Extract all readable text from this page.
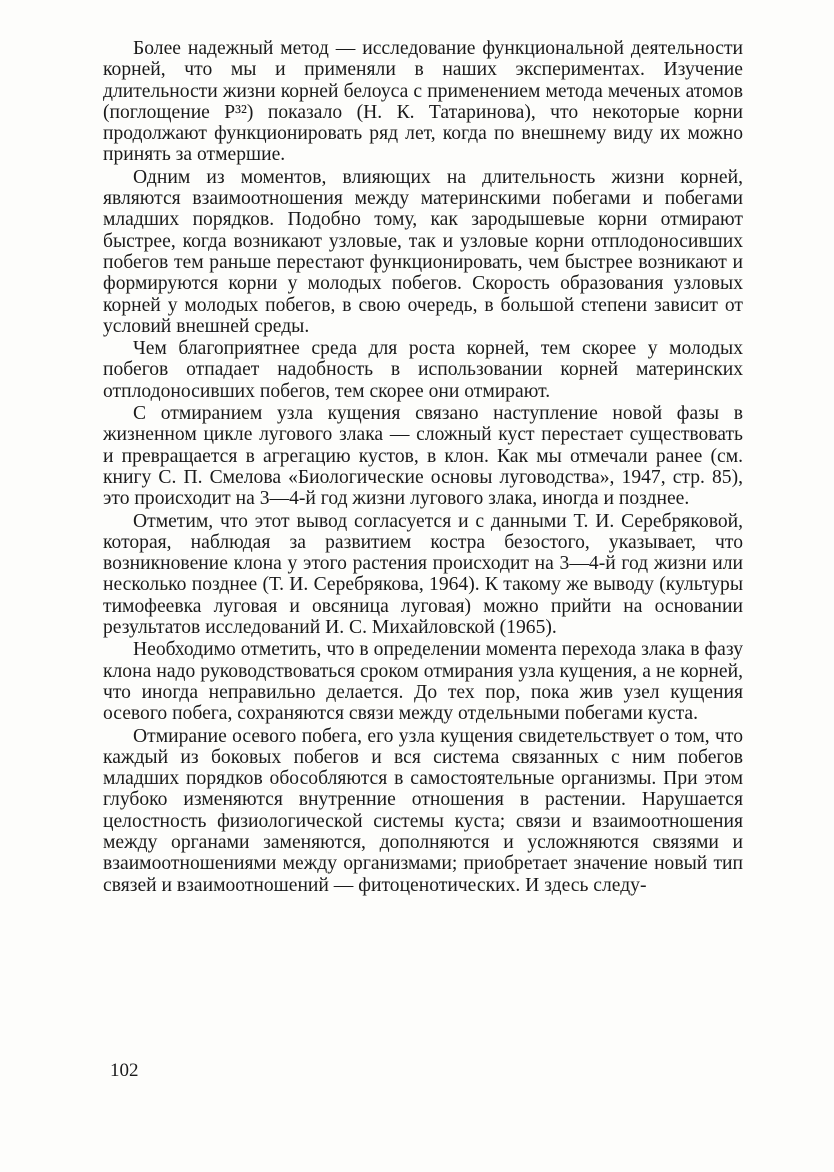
Более надежный метод — исследование функциональной деятельности корней, что мы и применяли в наших экспериментах. Изучение длительности жизни корней белоуса с применением метода меченых атомов (поглощение Р³²) показало (Н. К. Татаринова), что некоторые корни продолжают функционировать ряд лет, когда по внешнему виду их можно принять за отмершие.

Одним из моментов, влияющих на длительность жизни корней, являются взаимоотношения между материнскими побегами и побегами младших порядков. Подобно тому, как зародышевые корни отмирают быстрее, когда возникают узловые, так и узловые корни отплодоносивших побегов тем раньше перестают функционировать, чем быстрее возникают и формируются корни у молодых побегов. Скорость образования узловых корней у молодых побегов, в свою очередь, в большой степени зависит от условий внешней среды.

Чем благоприятнее среда для роста корней, тем скорее у молодых побегов отпадает надобность в использовании корней материнских отплодоносивших побегов, тем скорее они отмирают.

С отмиранием узла кущения связано наступление новой фазы в жизненном цикле лугового злака — сложный куст перестает существовать и превращается в агрегацию кустов, в клон. Как мы отмечали ранее (см. книгу С. П. Смелова «Биологические основы луговодства», 1947, стр. 85), это происходит на 3—4-й год жизни лугового злака, иногда и позднее.

Отметим, что этот вывод согласуется и с данными Т. И. Серебряковой, которая, наблюдая за развитием костра безостого, указывает, что возникновение клона у этого растения происходит на 3—4-й год жизни или несколько позднее (Т. И. Серебрякова, 1964). К такому же выводу (культуры тимофеевка луговая и овсяница луговая) можно прийти на основании результатов исследований И. С. Михайловской (1965).

Необходимо отметить, что в определении момента перехода злака в фазу клона надо руководствоваться сроком отмирания узла кущения, а не корней, что иногда неправильно делается. До тех пор, пока жив узел кущения осевого побега, сохраняются связи между отдельными побегами куста.

Отмирание осевого побега, его узла кущения свидетельствует о том, что каждый из боковых побегов и вся система связанных с ним побегов младших порядков обособляются в самостоятельные организмы. При этом глубоко изменяются внутренние отношения в растении. Нарушается целостность физиологической системы куста; связи и взаимоотношения между органами заменяются, дополняются и усложняются связями и взаимоотношениями между организмами; приобретает значение новый тип связей и взаимоотношений — фитоценотических. И здесь следу-

102
